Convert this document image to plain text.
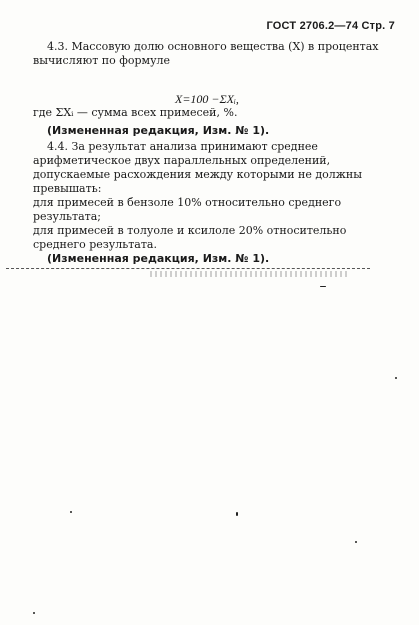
ГОСТ 2706.2—74 Стр. 7
4.3. Массовую долю основного вещества (X) в процентах вычисляют по формуле
X=100 −ΣXᵢ,
где ΣXᵢ — сумма всех примесей, %.
(Измененная редакция, Изм. № 1).
4.4. За результат анализа принимают среднее арифметическое двух параллельных определений, допускаемые расхождения между которыми не должны превышать:
для примесей в бензоле 10% относительно среднего результата;
для примесей в толуоле и ксилоле 20% относительно среднего результата.
(Измененная редакция, Изм. № 1).
